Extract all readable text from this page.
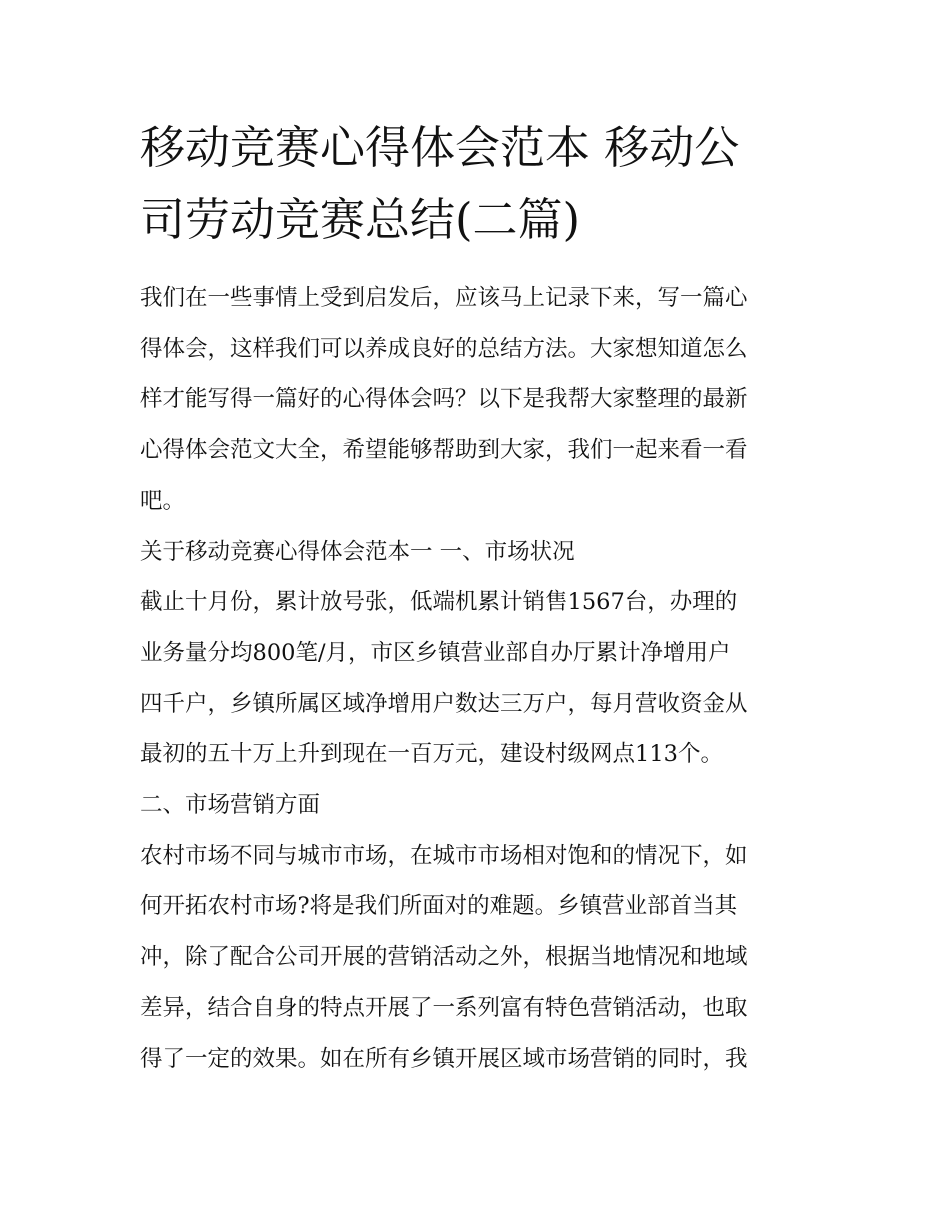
移动竞赛心得体会范本 移动公
司劳动竞赛总结(二篇)
我们在一些事情上受到启发后，应该马上记录下来，写一篇心
得体会，这样我们可以养成良好的总结方法。大家想知道怎么
样才能写得一篇好的心得体会吗？以下是我帮大家整理的最新
心得体会范文大全，希望能够帮助到大家，我们一起来看一看
吧。
关于移动竞赛心得体会范本一 一、市场状况
截止十月份，累计放号张，低端机累计销售1567台，办理的
业务量分均800笔/月，市区乡镇营业部自办厅累计净增用户
四千户，乡镇所属区域净增用户数达三万户，每月营收资金从
最初的五十万上升到现在一百万元，建设村级网点113个。
二、市场营销方面
农村市场不同与城市市场，在城市市场相对饱和的情况下，如
何开拓农村市场?将是我们所面对的难题。乡镇营业部首当其
冲，除了配合公司开展的营销活动之外，根据当地情况和地域
差异，结合自身的特点开展了一系列富有特色营销活动，也取
得了一定的效果。如在所有乡镇开展区域市场营销的同时，我
